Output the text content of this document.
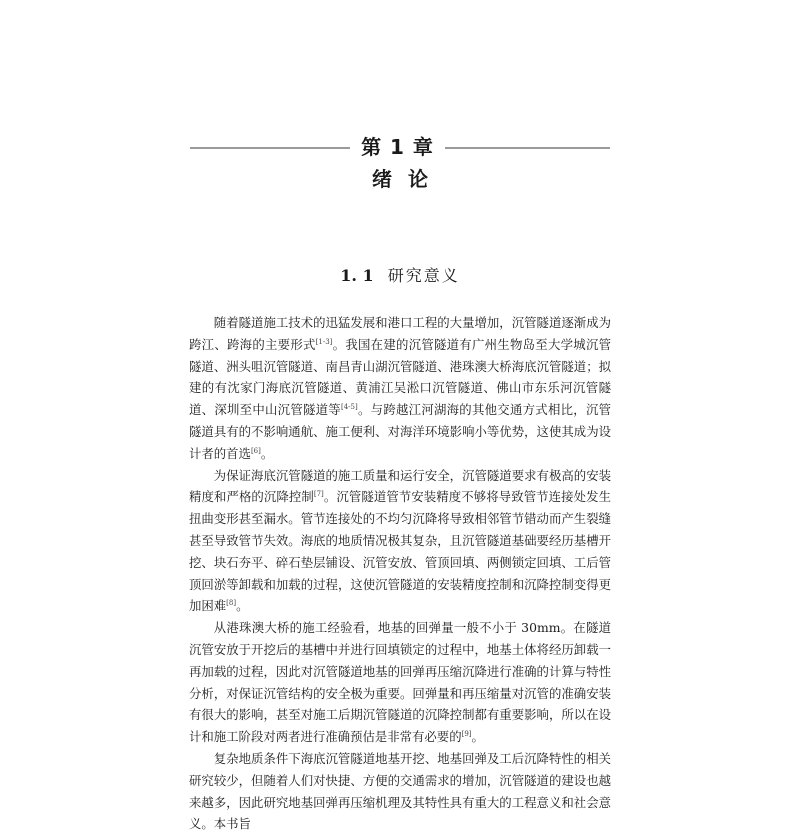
第 1 章
绪论
1. 1 研究意义

随着隧道施工技术的迅猛发展和港口工程的大量增加，沉管隧道逐渐成为跨江、跨海的主要形式[1-3]。我国在建的沉管隧道有广州生物岛至大学城沉管隧道、洲头咀沉管隧道、南昌青山湖沉管隧道、港珠澳大桥海底沉管隧道；拟建的有沈家门海底沉管隧道、黄浦江吴淞口沉管隧道、佛山市东乐河沉管隧道、深圳至中山沉管隧道等[4-5]。与跨越江河湖海的其他交通方式相比，沉管隧道具有的不影响通航、施工便利、对海洋环境影响小等优势，这使其成为设计者的首选[6]。

为保证海底沉管隧道的施工质量和运行安全，沉管隧道要求有极高的安装精度和严格的沉降控制[7]。沉管隧道管节安装精度不够将导致管节连接处发生扭曲变形甚至漏水。管节连接处的不均匀沉降将导致相邻管节错动而产生裂缝甚至导致管节失效。海底的地质情况极其复杂，且沉管隧道基础要经历基槽开挖、块石夯平、碎石垫层铺设、沉管安放、管顶回填、两侧锁定回填、工后管顶回淤等卸载和加载的过程，这使沉管隧道的安装精度控制和沉降控制变得更加困难[8]。

从港珠澳大桥的施工经验看，地基的回弹量一般不小于 30mm。在隧道沉管安放于开挖后的基槽中并进行回填锁定的过程中，地基土体将经历卸载一再加载的过程，因此对沉管隧道地基的回弹再压缩沉降进行准确的计算与特性分析，对保证沉管结构的安全极为重要。回弹量和再压缩量对沉管的准确安装有很大的影响，甚至对施工后期沉管隧道的沉降控制都有重要影响，所以在设计和施工阶段对两者进行准确预估是非常有必要的[9]。

复杂地质条件下海底沉管隧道地基开挖、地基回弹及工后沉降特性的相关研究较少，但随着人们对快捷、方便的交通需求的增加，沉管隧道的建设也越来越多，因此研究地基回弹再压缩机理及其特性具有重大的工程意义和社会意义。本书旨
